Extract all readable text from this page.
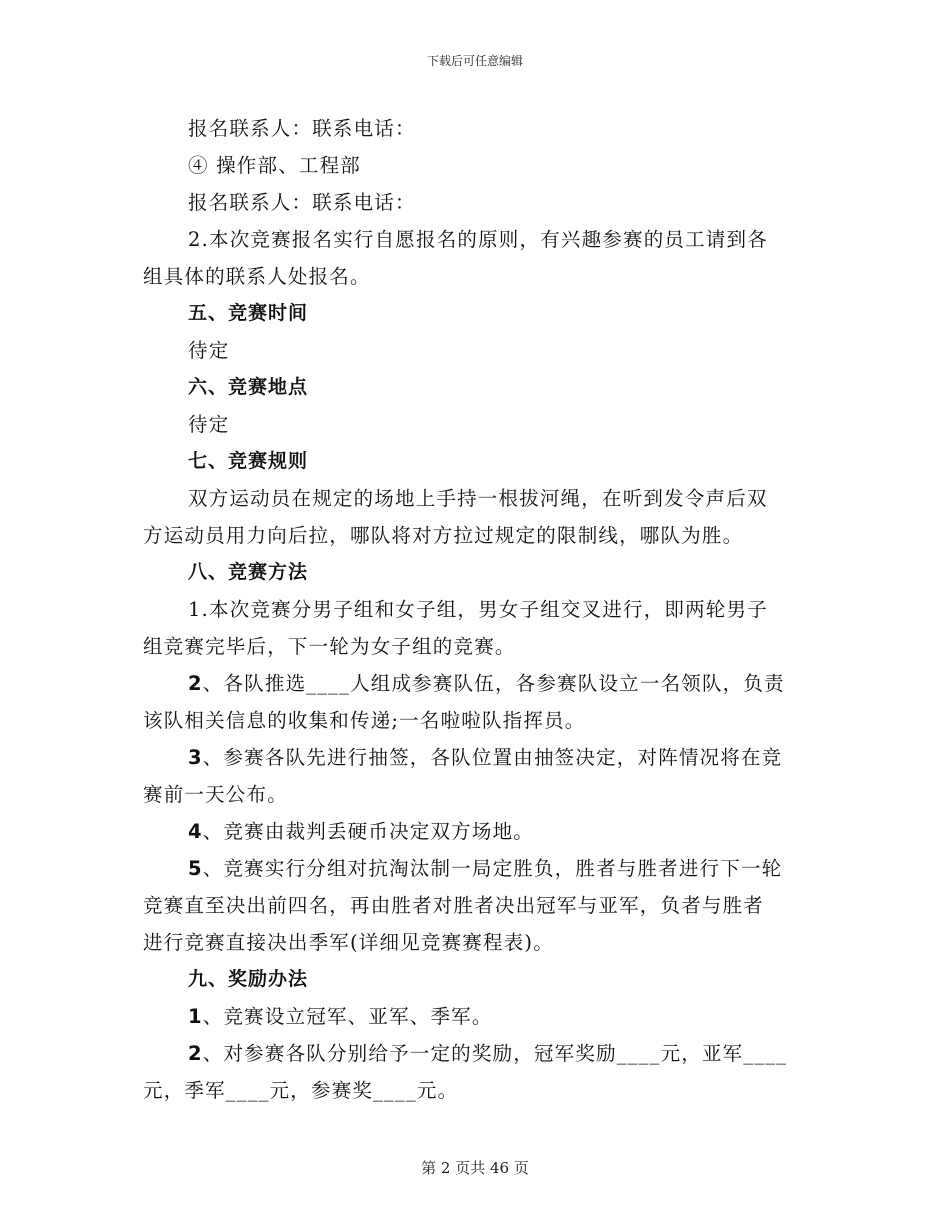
下载后可任意编辑
报名联系人：联系电话：
④ 操作部、工程部
报名联系人：联系电话：
2.本次竞赛报名实行自愿报名的原则，有兴趣参赛的员工请到各
组具体的联系人处报名。
五、竞赛时间
待定
六、竞赛地点
待定
七、竞赛规则
双方运动员在规定的场地上手持一根拔河绳，在听到发令声后双
方运动员用力向后拉，哪队将对方拉过规定的限制线，哪队为胜。
八、竞赛方法
1.本次竞赛分男子组和女子组，男女子组交叉进行，即两轮男子
组竞赛完毕后，下一轮为女子组的竞赛。
2、各队推选____人组成参赛队伍，各参赛队设立一名领队，负责
该队相关信息的收集和传递;一名啦啦队指挥员。
3、参赛各队先进行抽签，各队位置由抽签决定，对阵情况将在竞
赛前一天公布。
4、竞赛由裁判丢硬币决定双方场地。
5、竞赛实行分组对抗淘汰制一局定胜负，胜者与胜者进行下一轮
竞赛直至决出前四名，再由胜者对胜者决出冠军与亚军，负者与胜者
进行竞赛直接决出季军(详细见竞赛赛程表)。
九、奖励办法
1、竞赛设立冠军、亚军、季军。
2、对参赛各队分别给予一定的奖励，冠军奖励____元，亚军____
元，季军____元，参赛奖____元。
第 2 页共 46 页
